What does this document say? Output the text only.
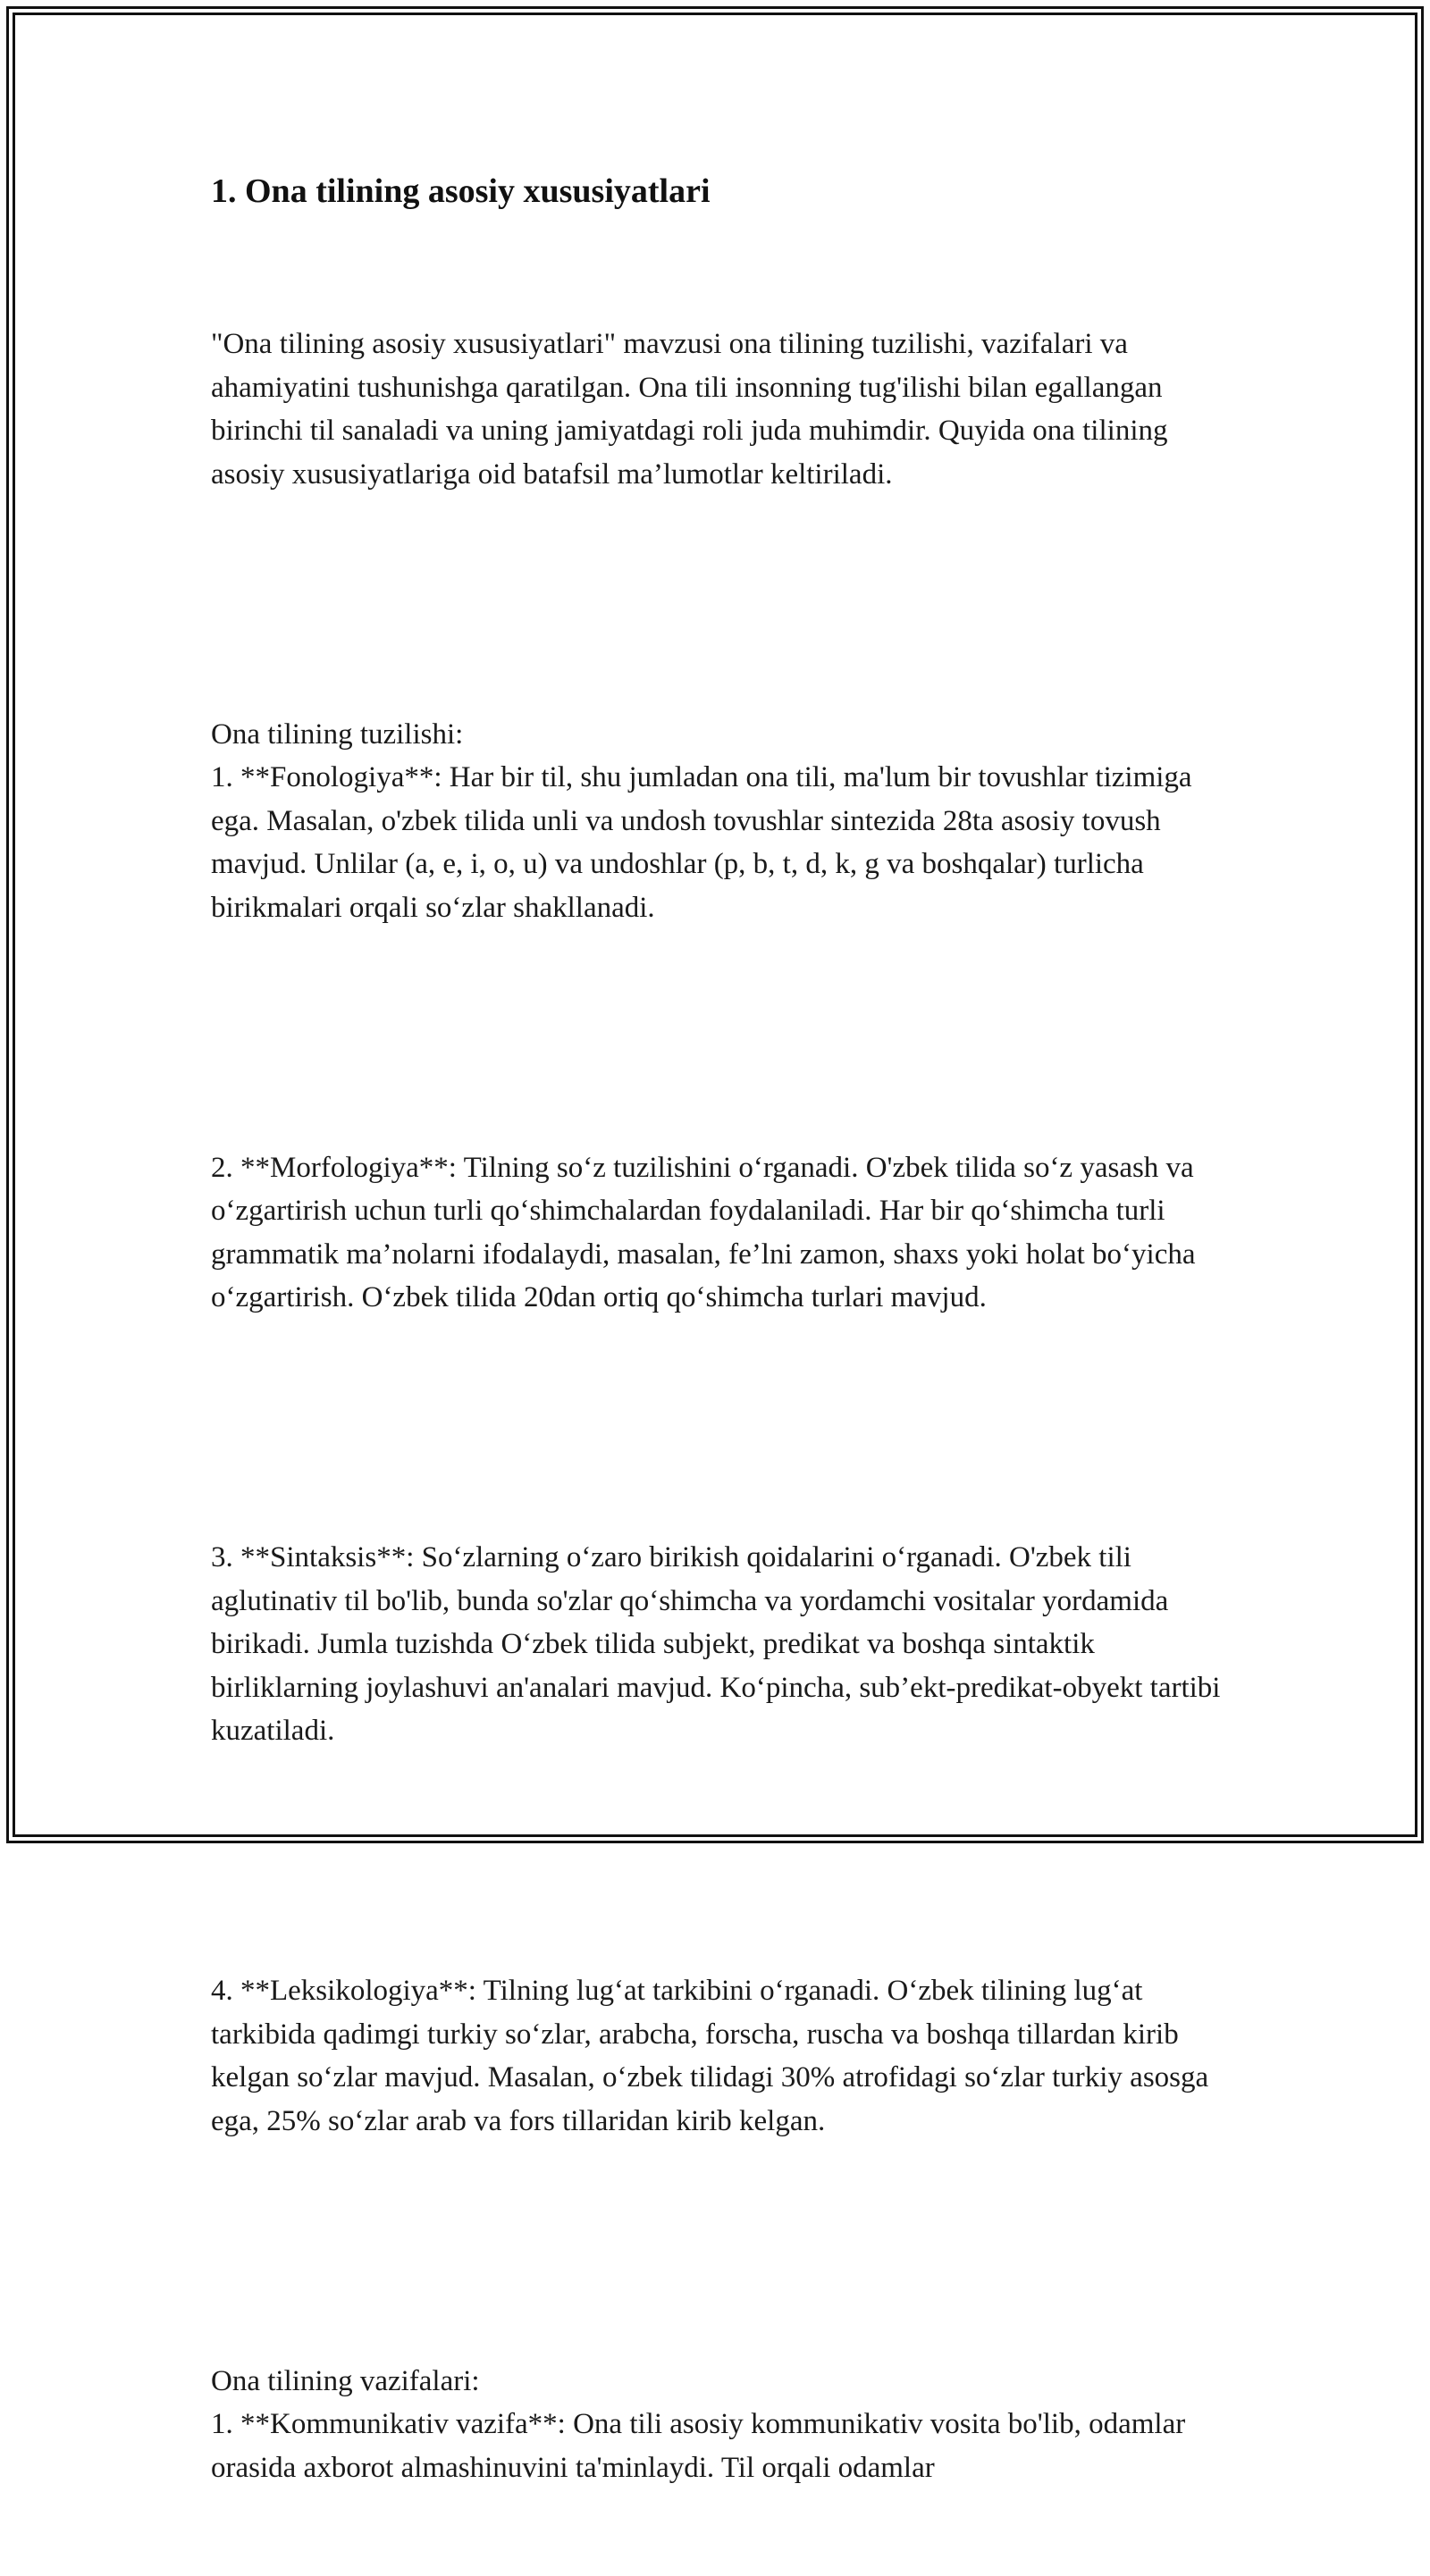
1. Ona tilining asosiy xususiyatlari

"Ona tilining asosiy xususiyatlari" mavzusi ona tilining tuzilishi, vazifalari va ahamiyatini tushunishga qaratilgan. Ona tili insonning tug'ilishi bilan egallangan birinchi til sanaladi va uning jamiyatdagi roli juda muhimdir. Quyida ona tilining asosiy xususiyatlariga oid batafsil ma’lumotlar keltiriladi.

Ona tilining tuzilishi:
1. **Fonologiya**: Har bir til, shu jumladan ona tili, ma'lum bir tovushlar tizimiga ega. Masalan, o'zbek tilida unli va undosh tovushlar sintezida 28ta asosiy tovush mavjud. Unlilar (a, e, i, o, u) va undoshlar (p, b, t, d, k, g va boshqalar) turlicha birikmalari orqali so‘zlar shakllanadi.

2. **Morfologiya**: Tilning so‘z tuzilishini o‘rganadi. O'zbek tilida so‘z yasash va o‘zgartirish uchun turli qo‘shimchalardan foydalaniladi. Har bir qo‘shimcha turli grammatik ma’nolarni ifodalaydi, masalan, fe’lni zamon, shaxs yoki holat bo‘yicha o‘zgartirish. O‘zbek tilida 20dan ortiq qo‘shimcha turlari mavjud.

3. **Sintaksis**: So‘zlarning o‘zaro birikish qoidalarini o‘rganadi. O'zbek tili aglutinativ til bo'lib, bunda so'zlar qo‘shimcha va yordamchi vositalar yordamida birikadi. Jumla tuzishda O‘zbek tilida subjekt, predikat va boshqa sintaktik birliklarning joylashuvi an'analari mavjud. Ko‘pincha, sub’ekt-predikat-obyekt tartibi kuzatiladi.

4. **Leksikologiya**: Tilning lug‘at tarkibini o‘rganadi. O‘zbek tilining lug‘at tarkibida qadimgi turkiy so‘zlar, arabcha, forscha, ruscha va boshqa tillardan kirib kelgan so‘zlar mavjud. Masalan, o‘zbek tilidagi 30% atrofidagi so‘zlar turkiy asosga ega, 25% so‘zlar arab va fors tillaridan kirib kelgan.

Ona tilining vazifalari:
1. **Kommunikativ vazifa**: Ona tili asosiy kommunikativ vosita bo'lib, odamlar orasida axborot almashinuvini ta'minlaydi. Til orqali odamlar
